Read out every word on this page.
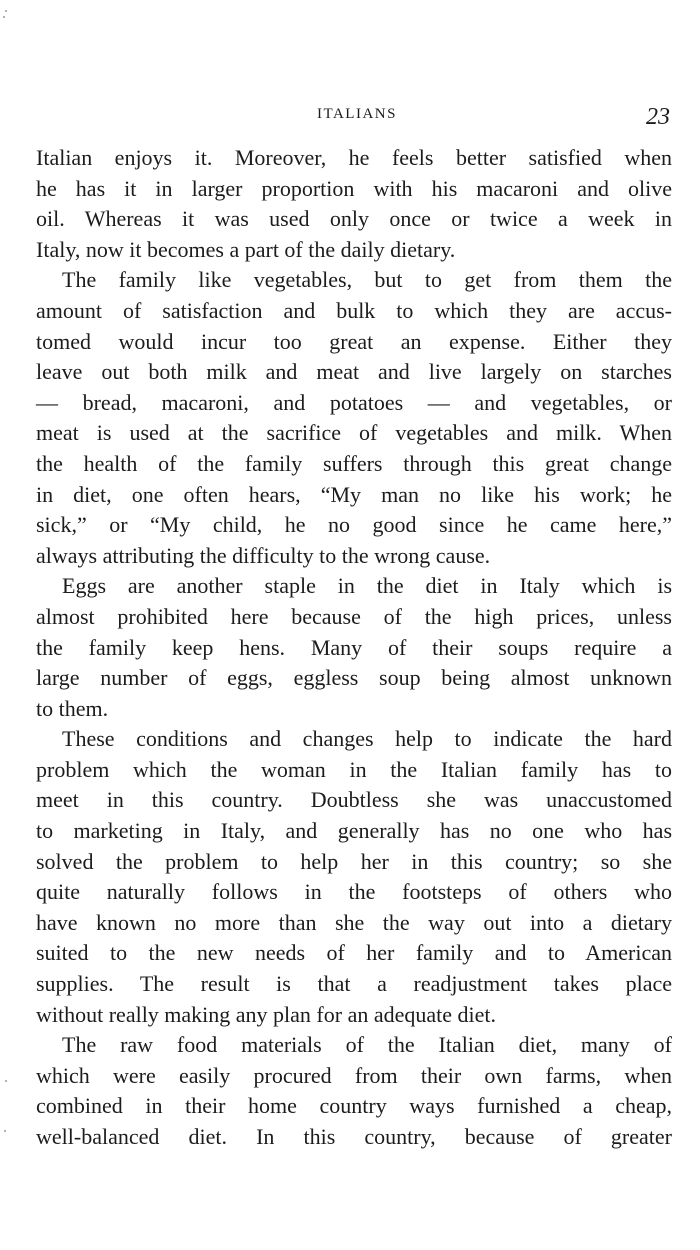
ITALIANS	23
Italian enjoys it. Moreover, he feels better satisfied when
he has it in larger proportion with his macaroni and olive
oil. Whereas it was used only once or twice a week in
Italy, now it becomes a part of the daily dietary.
The family like vegetables, but to get from them the
amount of satisfaction and bulk to which they are accus-
tomed would incur too great an expense. Either they
leave out both milk and meat and live largely on starches
— bread, macaroni, and potatoes — and vegetables, or
meat is used at the sacrifice of vegetables and milk. When
the health of the family suffers through this great change
in diet, one often hears, “My man no like his work; he
sick,” or “My child, he no good since he came here,”
always attributing the difficulty to the wrong cause.
Eggs are another staple in the diet in Italy which is
almost prohibited here because of the high prices, unless
the family keep hens. Many of their soups require a
large number of eggs, eggless soup being almost unknown
to them.
These conditions and changes help to indicate the hard
problem which the woman in the Italian family has to
meet in this country. Doubtless she was unaccustomed
to marketing in Italy, and generally has no one who has
solved the problem to help her in this country; so she
quite naturally follows in the footsteps of others who
have known no more than she the way out into a dietary
suited to the new needs of her family and to American
supplies. The result is that a readjustment takes place
without really making any plan for an adequate diet.
The raw food materials of the Italian diet, many of
which were easily procured from their own farms, when
combined in their home country ways furnished a cheap,
well-balanced diet. In this country, because of greater
